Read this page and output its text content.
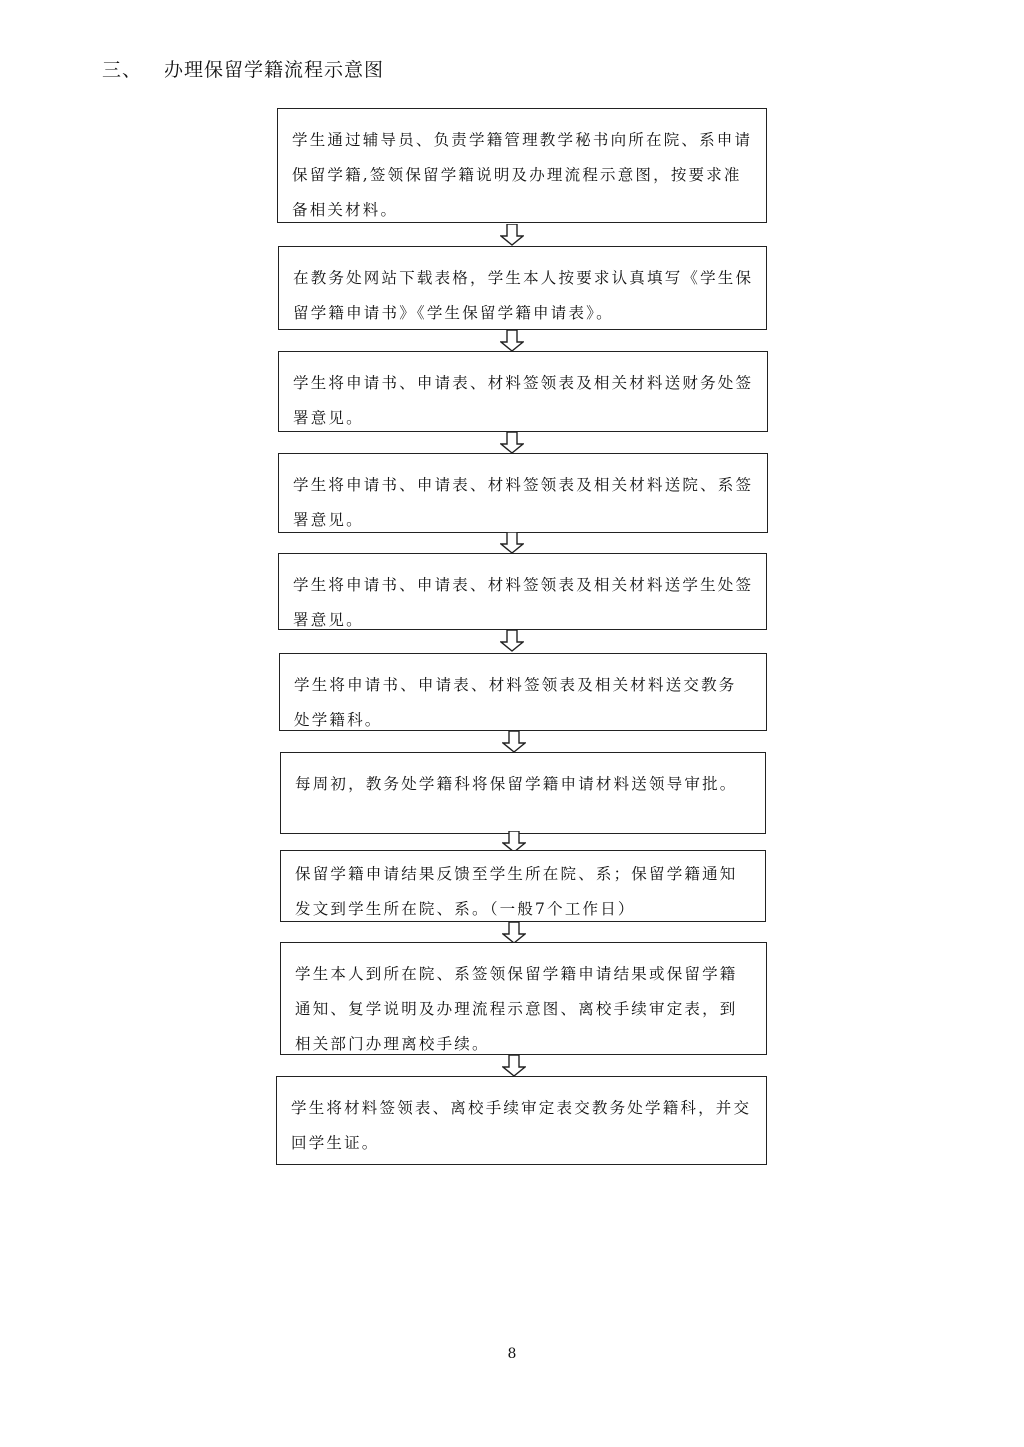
三、 办理保留学籍流程示意图
学生通过辅导员、负责学籍管理教学秘书向所在院、系申请保留学籍,签领保留学籍说明及办理流程示意图，按要求准备相关材料。
在教务处网站下载表格，学生本人按要求认真填写《学生保留学籍申请书》《学生保留学籍申请表》。
学生将申请书、申请表、材料签领表及相关材料送财务处签署意见。
学生将申请书、申请表、材料签领表及相关材料送院、系签署意见。
学生将申请书、申请表、材料签领表及相关材料送学生处签署意见。
学生将申请书、申请表、材料签领表及相关材料送交教务处学籍科。
每周初，教务处学籍科将保留学籍申请材料送领导审批。
保留学籍申请结果反馈至学生所在院、系；保留学籍通知发文到学生所在院、系。（一般7个工作日）
学生本人到所在院、系签领保留学籍申请结果或保留学籍通知、复学说明及办理流程示意图、离校手续审定表，到相关部门办理离校手续。
学生将材料签领表、离校手续审定表交教务处学籍科，并交回学生证。
8
